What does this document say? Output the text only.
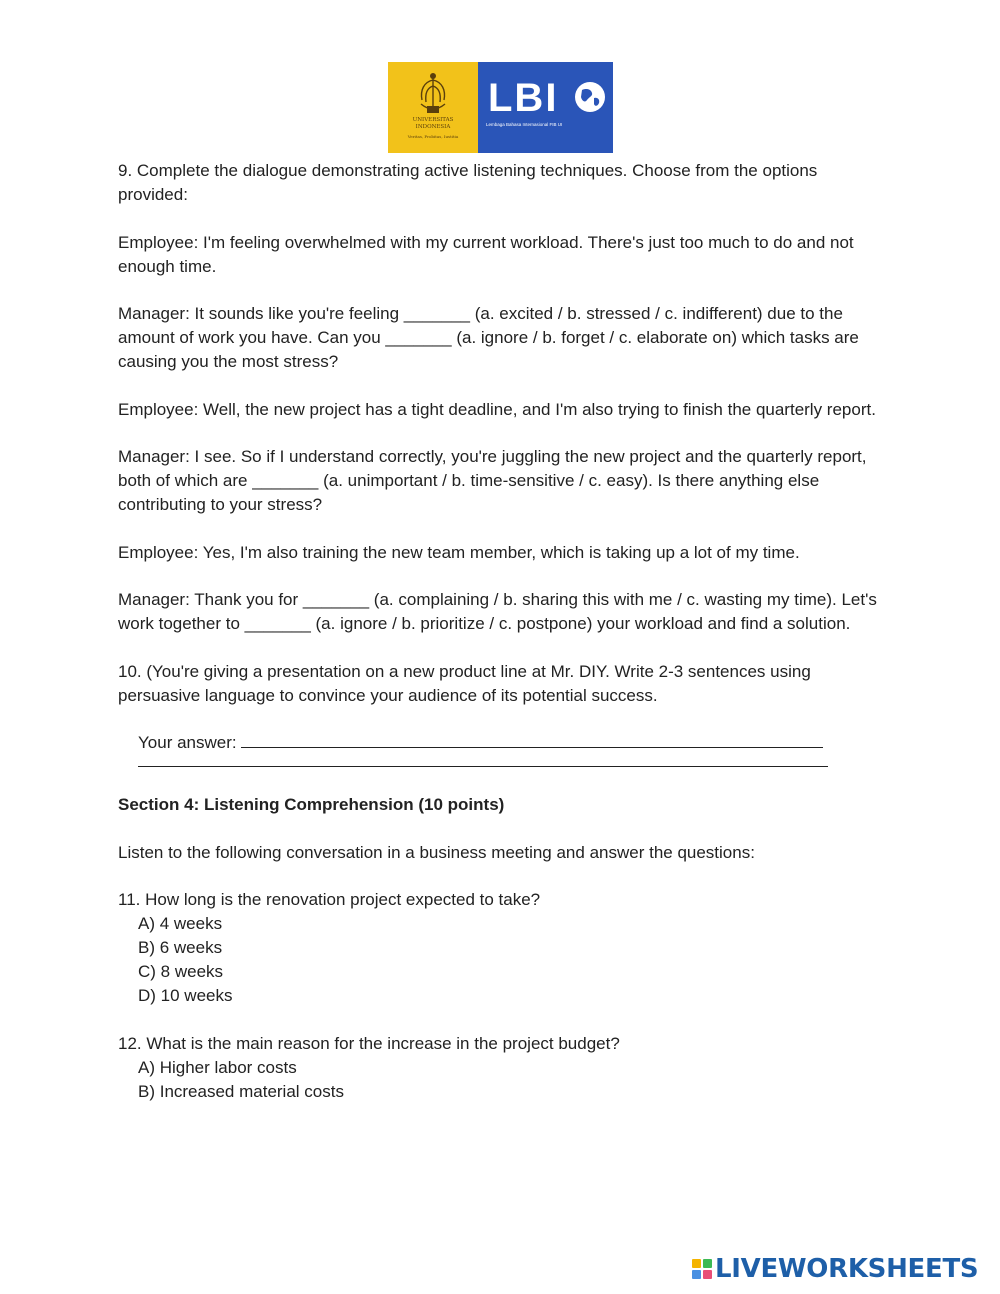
UNIVERSITAS INDONESIA
Veritas, Probitas, Iustitia
LBI
Lembaga Bahasa Internasional FIB UI

9. Complete the dialogue demonstrating active listening techniques. Choose from the options provided:

Employee: I'm feeling overwhelmed with my current workload. There's just too much to do and not enough time.

Manager: It sounds like you're feeling _______ (a. excited / b. stressed / c. indifferent) due to the amount of work you have. Can you _______ (a. ignore / b. forget / c. elaborate on) which tasks are causing you the most stress?

Employee: Well, the new project has a tight deadline, and I'm also trying to finish the quarterly report.

Manager: I see. So if I understand correctly, you're juggling the new project and the quarterly report, both of which are _______ (a. unimportant / b. time-sensitive / c. easy). Is there anything else contributing to your stress?

Employee: Yes, I'm also training the new team member, which is taking up a lot of my time.

Manager: Thank you for _______ (a. complaining / b. sharing this with me / c. wasting my time). Let's work together to _______ (a. ignore / b. prioritize / c. postpone) your workload and find a solution.

10. (You're giving a presentation on a new product line at Mr. DIY. Write 2-3 sentences using persuasive language to convince your audience of its potential success.

Your answer:

Section 4: Listening Comprehension (10 points)

Listen to the following conversation in a business meeting and answer the questions:

11. How long is the renovation project expected to take?

A) 4 weeks

B) 6 weeks

C) 8 weeks

D) 10 weeks

12. What is the main reason for the increase in the project budget?

A) Higher labor costs

B) Increased material costs

LIVEWORKSHEETS
